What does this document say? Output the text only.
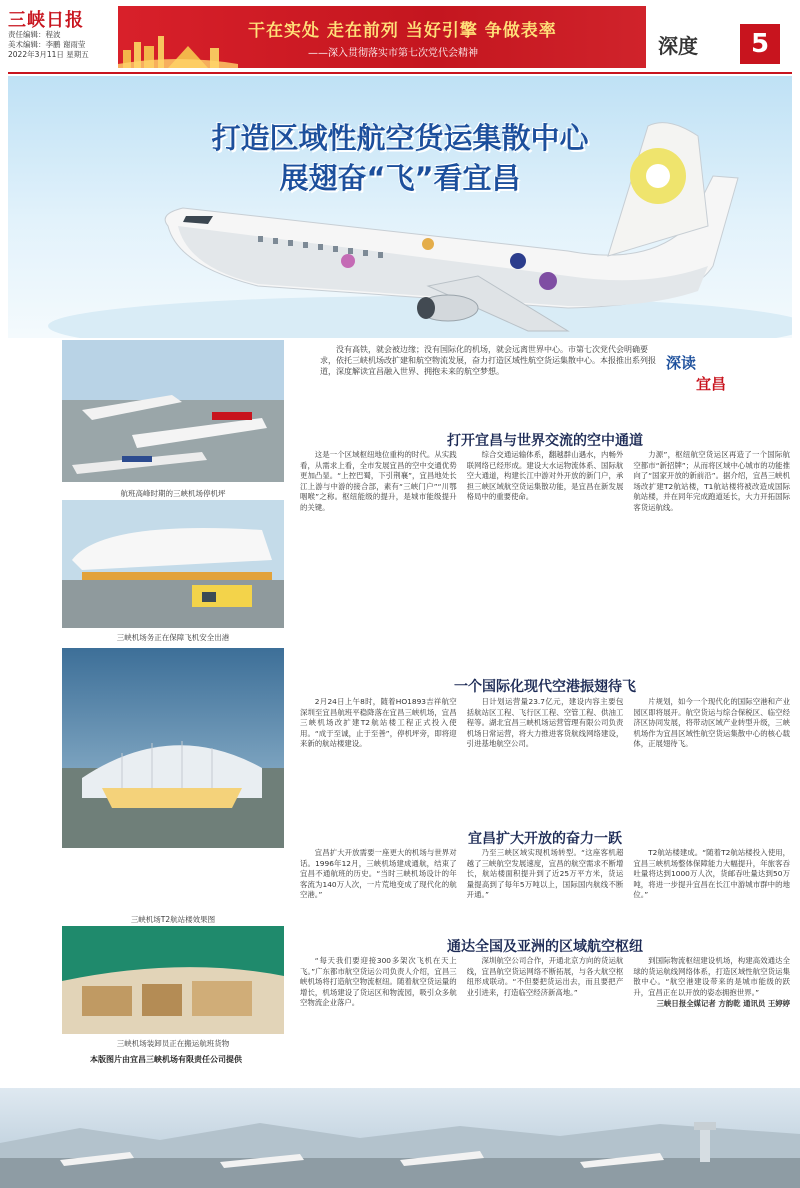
三峡日报
责任编辑：程波
美术编辑：李鹏 谢雨莹
2022年3月11日 星期五
干在实处 走在前列 当好引擎 争做表率
——深入贯彻落实市第七次党代会精神	深度	5
打造区域性航空货运集散中心
展翅奋“飞”看宜昌
没有高铁，就会被边缘；没有国际化的机场，就会远离世界中心。市第七次党代会明确要求，依托三峡机场改扩建和航空物流发展，奋力打造区域性航空货运集散中心。本报推出系列报道，深度解读宜昌融入世界、拥抱未来的航空梦想。	深读
宜昌
航班高峰时期的三峡机场停机坪
三峡机场务正在保障飞机安全出港
三峡机场T2航站楼效果图
三峡机场装卸员正在搬运航班货物
本版图片由宜昌三峡机场有限责任公司提供
打开宜昌与世界交流的空中通道

这是一个区域枢纽地位重构的时代。从实践看，从需求上看，全市发展宜昌的空中交通优势更加凸显。“上控巴蜀，下引荆襄”，宜昌地处长江上游与中游的接合部，素有“三峡门户”“川鄂咽喉”之称。枢纽能级的提升，是城市能级提升的关键。

综合交通运输体系，翻越群山遇水，内畅外联网络已经形成。建设大水运物流体系、国际航空大通道，构建长江中游对外开放的新门户，承担三峡区域航空货运集散功能，是宜昌在新发展格局中的重要使命。

力源”，枢纽航空货运区再造了一个国际航空都市“新招牌”；从而将区域中心城市的功能推向了“国家开放的新前沿”。据介绍，宜昌三峡机场改扩建T2航站楼，T1航站楼将被改造成国际航站楼，并在同年完成跑道延长，大力开拓国际客货运航线。

一个国际化现代空港振翅待飞

2月24日上午8时，随着HO1893吉祥航空深圳至宜昌航班平稳降落在宜昌三峡机场，宜昌三峡机场改扩建T2航站楼工程正式投入使用。“成于至诚，止于至善”，停机坪旁，即将迎来新的航站楼建设。

日计划运营量23.7亿元，建设内容主要包括航站区工程、飞行区工程、空管工程、供油工程等。湖北宜昌三峡机场运营管理有限公司负责机场日常运营，将大力推进客货航线网络建设，引进基地航空公司。

片规划，如今一个现代化的国际空港和产业园区即将展开。航空货运与综合保税区、临空经济区协同发展，将带动区域产业转型升级，三峡机场作为宜昌区域性航空货运集散中心的核心载体，正展翅待飞。

宜昌扩大开放的奋力一跃

宜昌扩大开放需要一座更大的机场与世界对话。1996年12月，三峡机场建成通航，结束了宜昌不通航班的历史。“当时三峡机场设计的年客流为140万人次，一片荒地变成了现代化的航空港。”

乃至三峡区域实现机场转型。“这座客机超越了三峡航空发展速度，宜昌的航空需求不断增长，航站楼面积提升到了近25万平方米，货运量提高到了每年5万吨以上，国际国内航线不断开通。”

T2航站楼建成。“随着T2航站楼投入使用，宜昌三峡机场整体保障能力大幅提升，年旅客吞吐量将达到1000万人次，货邮吞吐量达到50万吨，将进一步提升宜昌在长江中游城市群中的地位。”

通达全国及亚洲的区域航空枢纽

“每天我们要迎接300多架次飞机在天上飞。”广东都市航空货运公司负责人介绍，宜昌三峡机场将打造航空物流枢纽。随着航空货运量的增长，机场建设了货运区和物流园，吸引众多航空物流企业落户。

深圳航空公司合作，开通北京方向的货运航线，宜昌航空货运网络不断拓展，与各大航空枢纽形成联动。“不但要把货运出去，而且要把产业引进来，打造临空经济新高地。”

到国际物流枢纽建设机场，构建高效通达全球的货运航线网络体系，打造区域性航空货运集散中心。“航空港建设带来的是城市能级的跃升，宜昌正在以开放的姿态拥抱世界。”

三峡日报全媒记者 方韵乾 通讯员 王婷婷
